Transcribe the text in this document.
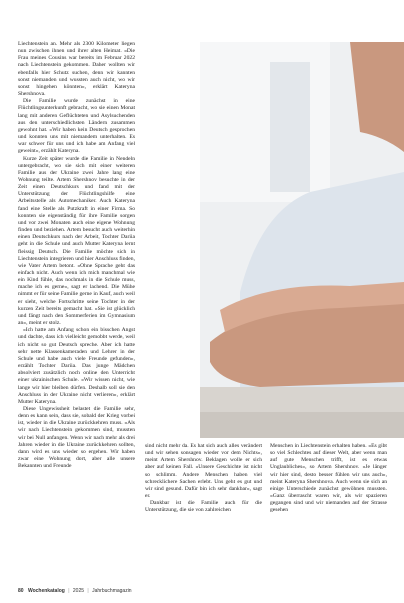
Liechtenstein an. Mehr als 2300 Kilometer liegen nun zwischen ihnen und ihrer alten Heimat. «Die Frau meines Cousins war bereits im Februar 2022 nach Liechtenstein gekommen. Daher wollten wir ebenfalls hier Schutz suchen, denn wir kannten sonst niemanden und wussten auch nicht, wo wir sonst hingehen könnten», erklärt Kateryna Shershnova.

Die Familie wurde zunächst in eine Flüchtlingsunterkunft gebracht, wo sie einen Monat lang mit anderen Geflüchteten und Asylsuchenden aus den unterschiedlichsten Ländern zusammen gewohnt hat. «Wir haben kein Deutsch gesprochen und konnten uns mit niemandem unterhalten. Es war schwer für uns und ich habe am Anfang viel geweint», erzählt Kateryna.

Kurze Zeit später wurde die Familie in Nendeln untergebracht, wo sie sich mit einer weiteren Familie aus der Ukraine zwei Jahre lang eine Wohnung teilte. Artem Shershnov besuchte in der Zeit einen Deutschkurs und fand mit der Unterstützung der Flüchtlingshilfe eine Arbeitsstelle als Automechaniker. Auch Kateryna fand eine Stelle als Putzkraft in einer Firma. So konnten sie eigenständig für ihre Familie sorgen und vor zwei Monaten auch eine eigene Wohnung finden und beziehen. Artem besucht auch weiterhin einen Deutschkurs nach der Arbeit, Tochter Dariia geht in die Schule und auch Mutter Kateryna lernt fleissig Deutsch. Die Familie möchte sich in Liechtenstein integrieren und hier Anschluss finden, wie Vater Artem betont. «Ohne Sprache geht das einfach nicht. Auch wenn ich mich manchmal wie ein Kind fühle, das nochmals in die Schule muss, mache ich es gerne», sagt er lachend. Die Mühe nimmt er für seine Familie gerne in Kauf, auch weil er sieht, welche Fortschritte seine Tochter in der kurzen Zeit bereits gemacht hat. «Sie ist glücklich und fängt nach den Sommerferien im Gymnasium an», meint er stolz.

«Ich hatte am Anfang schon ein bisschen Angst und dachte, dass ich vielleicht gemobbt werde, weil ich nicht so gut Deutsch spreche. Aber ich hatte sehr nette Klassenkameraden und Lehrer in der Schule und habe auch viele Freunde gefunden», erzählt Tochter Dariia. Das junge Mädchen absolviert zusätzlich noch online den Unterricht einer ukrainischen Schule. «Wir wissen nicht, wie lange wir hier bleiben dürfen. Deshalb soll sie den Anschluss in der Ukraine nicht verlieren», erklärt Mutter Kateryna.

Diese Ungewissheit belastet die Familie sehr, denn es kann sein, dass sie, sobald der Krieg vorbei ist, wieder in die Ukraine zurückkehren muss. «Als wir nach Liechtenstein gekommen sind, mussten wir bei Null anfangen. Wenn wir nach mehr als drei Jahren wieder in die Ukraine zurückkehren sollten, dann wird es uns wieder so ergehen. Wir haben zwar eine Wohnung dort, aber alle unsere Bekannten und Freunde

sind nicht mehr da. Es hat sich auch alles verändert und wir sehen sonsagen wieder vor dem Nichts», meint Artem Shershnov. Beklagen wolle er sich aber auf keinen Fall. «Unsere Geschichte ist nicht so schlimm. Andere Menschen haben viel schrecklichere Sachen erlebt. Uns geht es gut und wir sind gesund. Dafür bin ich sehr dankbar», sagt er.

Dankbar ist die Familie auch für die Unterstützung, die sie von zahlreichen

Menschen in Liechtenstein erhalten haben. «Es gibt so viel Schlechtes auf dieser Welt, aber wenn man auf gute Menschen trifft, ist es etwas Unglaubliches», so Artem Shershnov. «Je länger wir hier sind, desto besser fühlen wir uns auch», meint Kateryna Shershnova. Auch wenn sie sich an einige Unterschiede zunächst gewöhnen mussten. «Ganz überrascht waren wir, als wir spazieren gegangen sind und wir niemanden auf der Strasse gesehen

80 Wochenkatalog | 2025 | Jahrbuchmagazin
